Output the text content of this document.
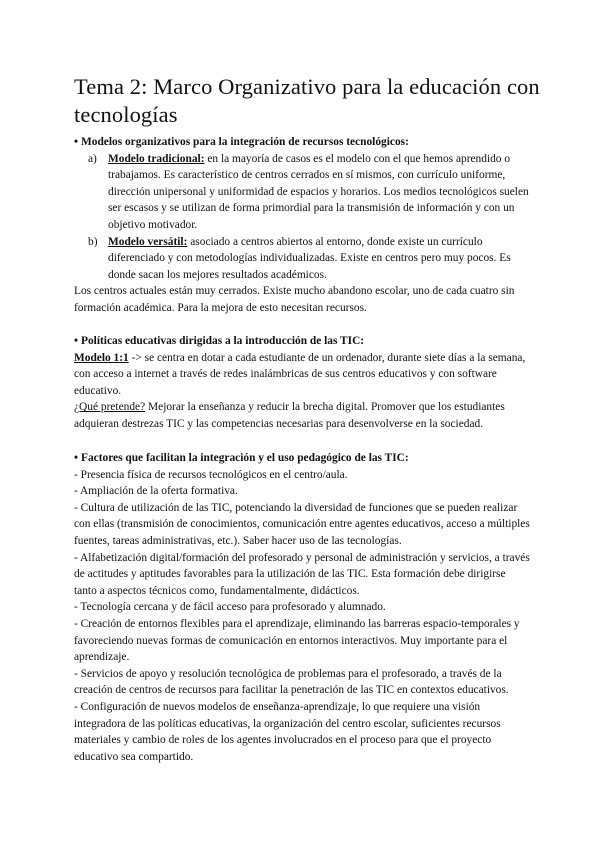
Tema 2: Marco Organizativo para la educación con tecnologías

• Modelos organizativos para la integración de recursos tecnológicos:

a) Modelo tradicional: en la mayoría de casos es el modelo con el que hemos aprendido o trabajamos. Es característico de centros cerrados en sí mismos, con currículo uniforme, dirección unipersonal y uniformidad de espacios y horarios. Los medios tecnológicos suelen ser escasos y se utilizan de forma primordial para la transmisión de información y con un objetivo motivador.
b) Modelo versátil: asociado a centros abiertos al entorno, donde existe un currículo diferenciado y con metodologías individualizadas. Existe en centros pero muy pocos. Es donde sacan los mejores resultados académicos.

Los centros actuales están muy cerrados. Existe mucho abandono escolar, uno de cada cuatro sin formación académica. Para la mejora de esto necesitan recursos.

• Políticas educativas dirigidas a la introducción de las TIC:

Modelo 1:1 -> se centra en dotar a cada estudiante de un ordenador, durante siete días a la semana, con acceso a internet a través de redes inalámbricas de sus centros educativos y con software educativo.

¿Qué pretende? Mejorar la enseñanza y reducir la brecha digital. Promover que los estudiantes adquieran destrezas TIC y las competencias necesarias para desenvolverse en la sociedad.

• Factores que facilitan la integración y el uso pedagógico de las TIC:

- Presencia física de recursos tecnológicos en el centro/aula.

- Ampliación de la oferta formativa.

- Cultura de utilización de las TIC, potenciando la diversidad de funciones que se pueden realizar con ellas (transmisión de conocimientos, comunicación entre agentes educativos, acceso a múltiples fuentes, tareas administrativas, etc.). Saber hacer uso de las tecnologías.

- Alfabetización digital/formación del profesorado y personal de administración y servicios, a través de actitudes y aptitudes favorables para la utilización de las TIC. Esta formación debe dirigirse tanto a aspectos técnicos como, fundamentalmente, didácticos.

- Tecnología cercana y de fácil acceso para profesorado y alumnado.

- Creación de entornos flexibles para el aprendizaje, eliminando las barreras espacio-temporales y favoreciendo nuevas formas de comunicación en entornos interactivos. Muy importante para el aprendizaje.

- Servicios de apoyo y resolución tecnológica de problemas para el profesorado, a través de la creación de centros de recursos para facilitar la penetración de las TIC en contextos educativos.

- Configuración de nuevos modelos de enseñanza-aprendizaje, lo que requiere una visión integradora de las políticas educativas, la organización del centro escolar, suficientes recursos materiales y cambio de roles de los agentes involucrados en el proceso para que el proyecto educativo sea compartido.
